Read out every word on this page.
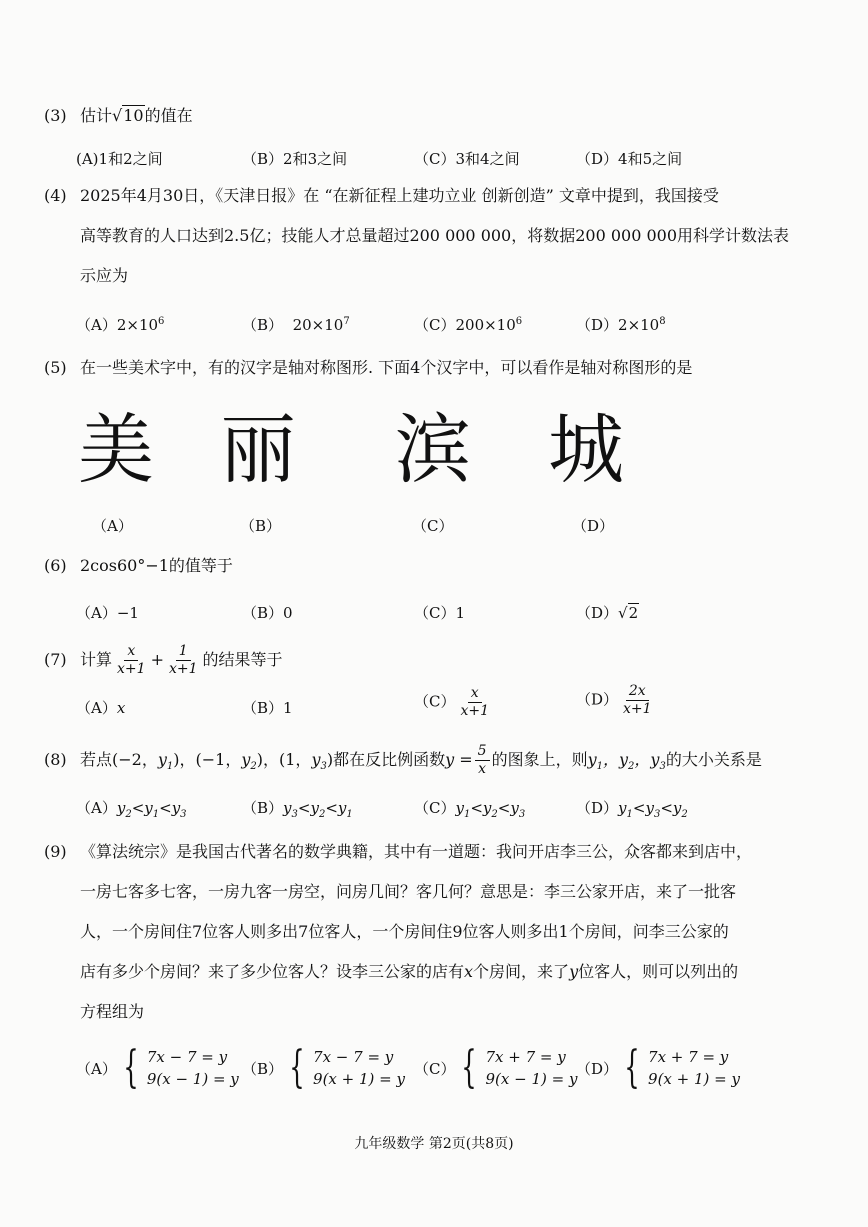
(3) 估计√10的值在
(A)1和2之间	（B）2和3之间	（C）3和4之间	（D）4和5之间
(4) 2025年4月30日，《天津日报》在 “在新征程上建功立业 创新创造” 文章中提到，我国接受
高等教育的人口达到2.5亿；技能人才总量超过200 000 000，将数据200 000 000用科学计数法表
示应为
$(A)2\times 10^6$	（B） $20\times 10^7$	$(C)200\times 10^6$	$(D)2\times 10^8$
(5) 在一些美术字中，有的汉字是轴对称图形. 下面4个汉字中，可以看作是轴对称图形的是
美 丽 滨 城
（A）	（B）	（C）	（D）
(6) 2cos60°−1的值等于
（A）−1	（B）0	（C）1	（D）√2
(7) 计算 $\frac{x}{x+1} + \frac{1}{x+1}$ 的结果等于
（A）x	（B）1	$(C) \frac{x}{x+1}$	$(D) \frac{2x}{x+1}$
(8) 若点(−2，$y_1$)，(−1，$y_2$)，(1，$y_3$)都在反比例函数$y = \frac{5}{x}$ 的图象上，则$y_1$，$y_2$，$y_3$的大小关系是
$(A)y_2<y_1<y_3$	$(B)y_3<y_2<y_1$	$(C)y_1<y_2<y_3$	$(D)y_1<y_3<y_2$
(9) 《算法统宗》是我国古代著名的数学典籍，其中有一道题：我问开店李三公，众客都来到店中，
一房七客多七客，一房九客一房空，问房几间？客几何？意思是：李三公家开店，来了一批客
人，一个房间住7位客人则多出7位客人，一个房间住9位客人则多出1个房间，问李三公家的
店有多少个房间？来了多少位客人？设李三公家的店有x个房间，来了y位客人，则可以列出的
方程组为
（A） { 7x − 7 = y
9(x − 1) = y
（B） { 7x − 7 = y
9(x + 1) = y
（C） { 7x + 7 = y
9(x − 1) = y
（D） { 7x + 7 = y
9(x + 1) = y
九年级数学 第2页(共8页)
